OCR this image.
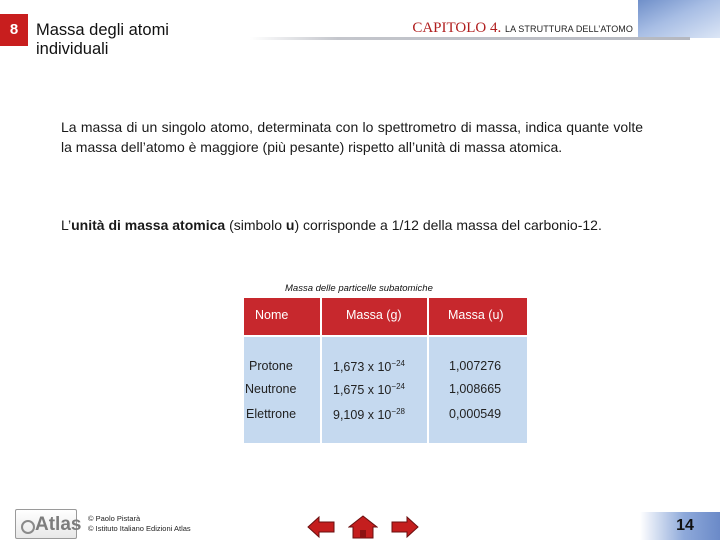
8	Massa degli atomi individuali
CAPITOLO 4. LA STRUTTURA DELL’ATOMO

La massa di un singolo atomo, determinata con lo spettrometro di massa, indica quante volte la massa dell’atomo è maggiore (più pesante) rispetto all’unità di massa atomica.

L’unità di massa atomica (simbolo u) corrisponde a 1/12 della massa del carbonio-12.

Massa delle particelle subatomiche
Nome	Massa (g)	Massa (u)
Protone	1,673 x $10^{-24}$	1,007276
Neutrone	1,675 x $10^{-24}$	1,008665
Elettrone	9,109 x $10^{-28}$	0,000549
Atlas © Paolo Pistarà
© Istituto Italiano Edizioni Atlas	14
